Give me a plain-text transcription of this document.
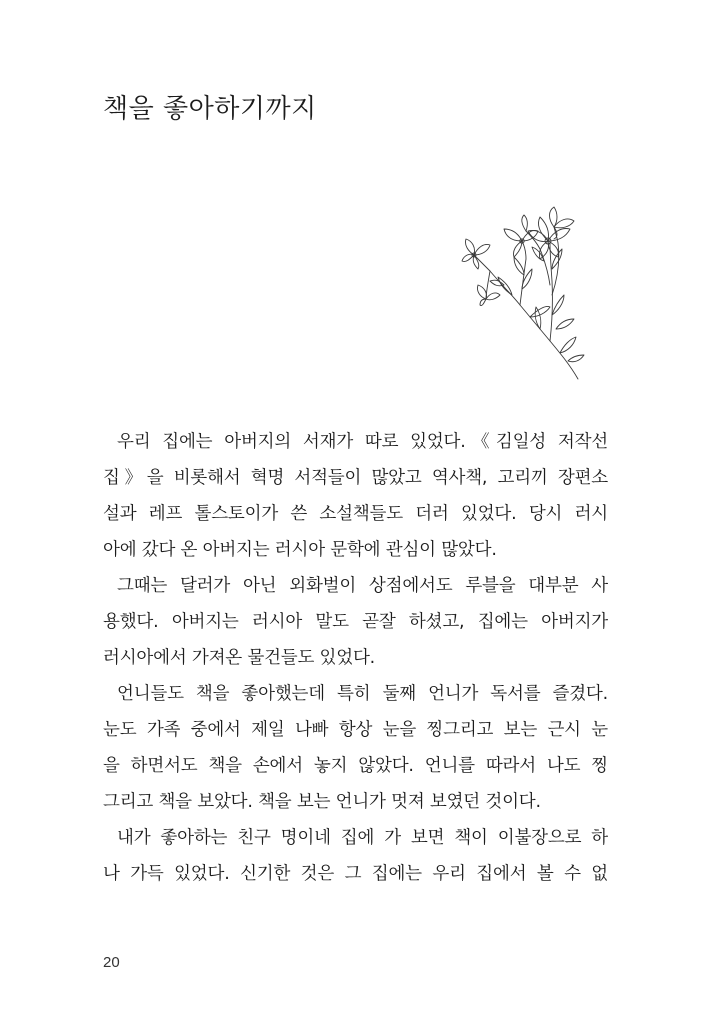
책을 좋아하기까지
우리 집에는 아버지의 서재가 따로 있었다.《김일성 저작선
집》을 비롯해서 혁명 서적들이 많았고 역사책, 고리끼 장편소
설과 레프 톨스토이가 쓴 소설책들도 더러 있었다. 당시 러시
아에 갔다 온 아버지는 러시아 문학에 관심이 많았다.
그때는 달러가 아닌 외화벌이 상점에서도 루블을 대부분 사
용했다. 아버지는 러시아 말도 곧잘 하셨고, 집에는 아버지가
러시아에서 가져온 물건들도 있었다.
언니들도 책을 좋아했는데 특히 둘째 언니가 독서를 즐겼다.
눈도 가족 중에서 제일 나빠 항상 눈을 찡그리고 보는 근시 눈
을 하면서도 책을 손에서 놓지 않았다. 언니를 따라서 나도 찡
그리고 책을 보았다. 책을 보는 언니가 멋져 보였던 것이다.
내가 좋아하는 친구 명이네 집에 가 보면 책이 이불장으로 하
나 가득 있었다. 신기한 것은 그 집에는 우리 집에서 볼 수 없
20
